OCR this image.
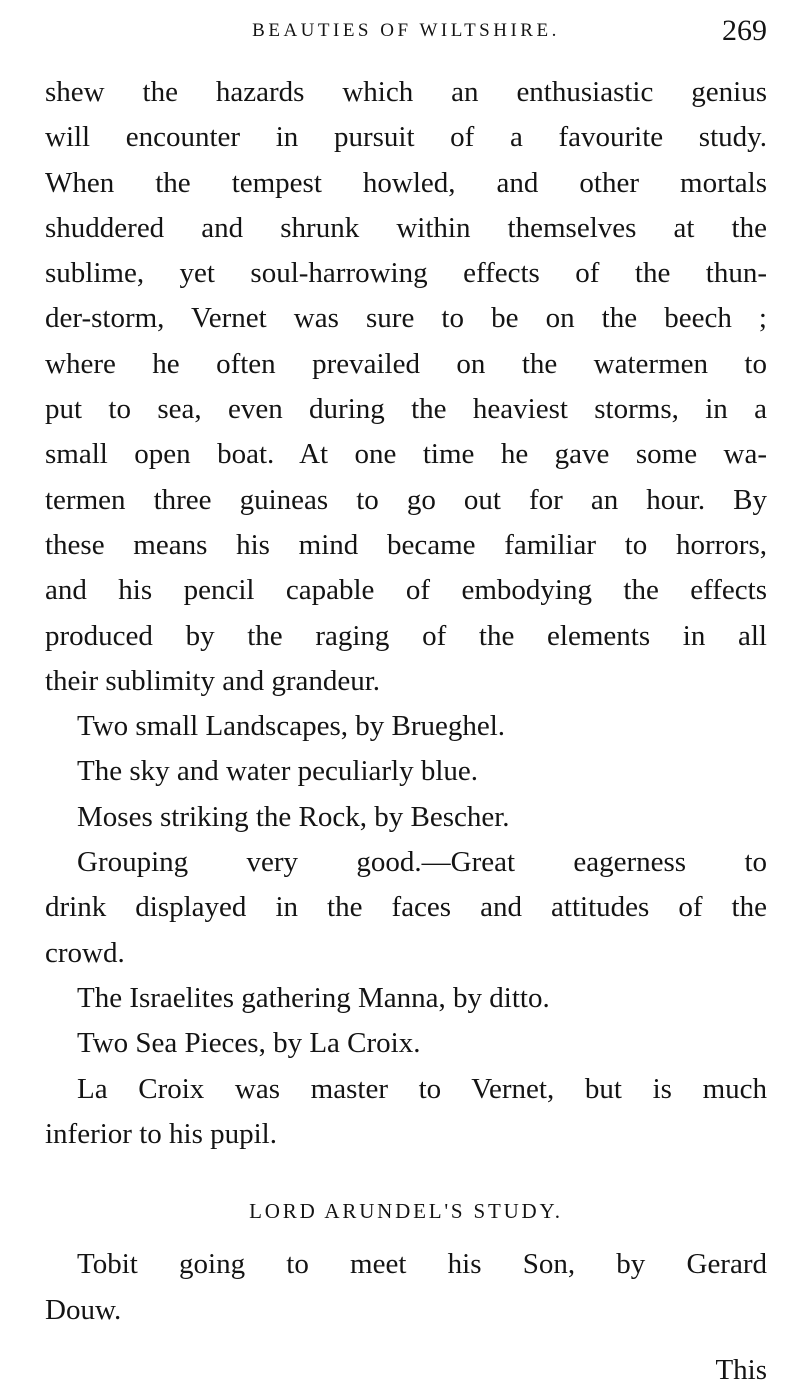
BEAUTIES OF WILTSHIRE.	269
shew the hazards which an enthusiastic genius
will encounter in pursuit of a favourite study.
When the tempest howled, and other mortals
shuddered and shrunk within themselves at the
sublime, yet soul-harrowing effects of the thun-
der-storm, Vernet was sure to be on the beech ;
where he often prevailed on the watermen to
put to sea, even during the heaviest storms, in a
small open boat. At one time he gave some wa-
termen three guineas to go out for an hour. By
these means his mind became familiar to horrors,
and his pencil capable of embodying the effects
produced by the raging of the elements in all
their sublimity and grandeur.
Two small Landscapes, by Brueghel.
The sky and water peculiarly blue.
Moses striking the Rock, by Bescher.
Grouping very good.—Great eagerness to
drink displayed in the faces and attitudes of the
crowd.
The Israelites gathering Manna, by ditto.
Two Sea Pieces, by La Croix.
La Croix was master to Vernet, but is much
inferior to his pupil.
LORD ARUNDEL'S STUDY.
Tobit going to meet his Son, by Gerard
Douw.
This
